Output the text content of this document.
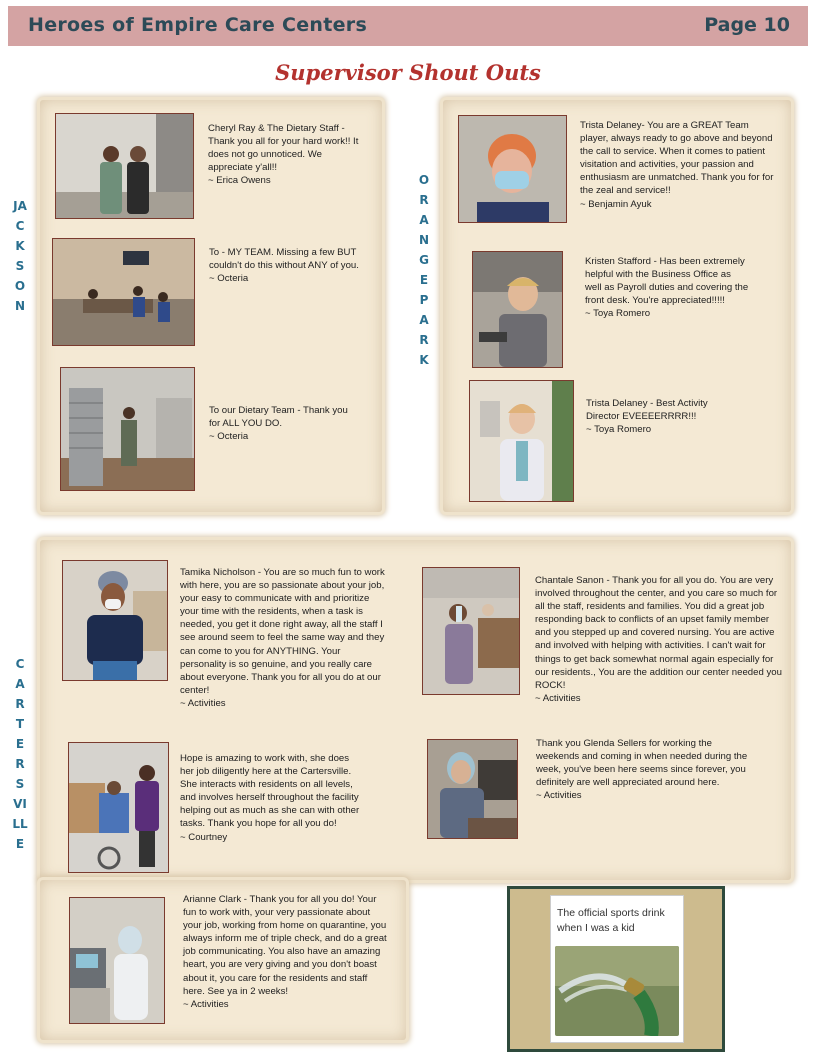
Heroes of Empire Care Centers	Page 10
Supervisor Shout Outs
JACKSON
ORANGE PARK
CARTERSVILLE
Cheryl Ray & The Dietary Staff - Thank you all for your hard work!! It does not go unnoticed. We appreciate y'all!!
~ Erica Owens
To - MY TEAM. Missing a few BUT couldn't do this without ANY of you.
~ Octeria
To our Dietary Team - Thank you for ALL YOU DO.
~ Octeria
Trista Delaney- You are a GREAT Team player, always ready to go above and beyond the call to service. When it comes to patient visitation and activities, your passion and enthusiasm are unmatched. Thank you for for the zeal and service!!
~ Benjamin Ayuk
Kristen Stafford - Has been extremely helpful with the Business Office as well as Payroll duties and covering the front desk. You're appreciated!!!!!
~ Toya Romero
Trista Delaney - Best Activity Director EVEEEERRRR!!!
~ Toya Romero
Tamika Nicholson - You are so much fun to work with here, you are so passionate about your job, your easy to communicate with and prioritize your time with the residents, when a task is needed, you get it done right away, all the staff I see around seem to feel the same way and they can come to you for ANYTHING. Your personality is so genuine, and you really care about everyone. Thank you for all you do at our center!
~ Activities
Hope is amazing to work with, she does her job diligently here at the Cartersville. She interacts with residents on all levels, and involves herself throughout the facility helping out as much as she can with other tasks. Thank you hope for all you do!
~ Courtney
Chantale Sanon - Thank you for all you do. You are very involved throughout the center, and you care so much for all the staff, residents and families. You did a great job responding back to conflicts of an upset family member and you stepped up and covered nursing. You are active and involved with helping with activities. I can't wait for things to get back somewhat normal again especially for our residents., You are the addition our center needed you ROCK!
~ Activities
Thank you Glenda Sellers for working the weekends and coming in when needed during the week, you've been here seems since forever, you definitely are well appreciated around here.
~ Activities
Arianne Clark - Thank you for all you do! Your fun to work with, your very passionate about your job, working from home on quarantine, you always inform me of triple check, and do a great job communicating. You also have an amazing heart, you are very giving and you don't boast about it, you care for the residents and staff here. See ya in 2 weeks!
~ Activities
The official sports drink when I was a kid
